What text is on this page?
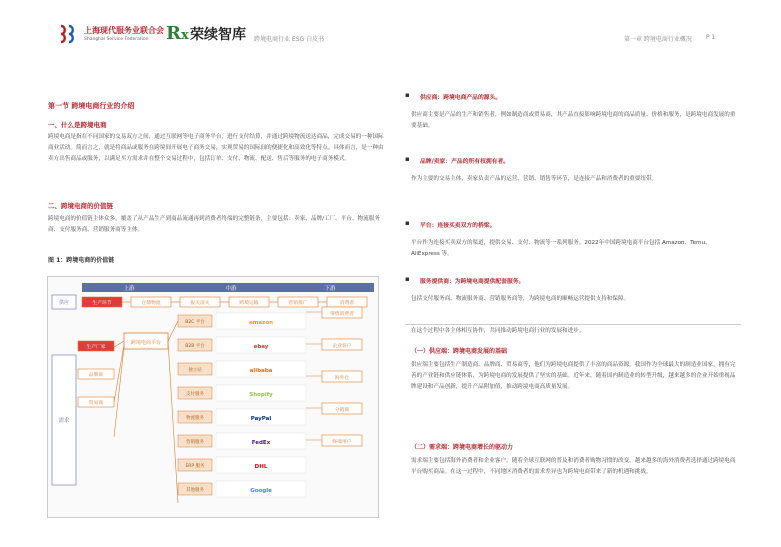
上海现代服务业联合会
Shanghai Service Federation Rx 荣续智库 跨境电商行业 ESG 白皮书	第一章 跨境电商行业概况 P 1
第一节 跨境电商行业的介绍
一、什么是跨境电商
跨境电商是指在不同国家的交易双方之间，通过互联网等电子商务平台，进行支付结算，并通过跨境物流送达商品，完成交易的一种国际商业活动。简而言之，就是将商品或服务在跨境间开展电子商务交易，实现贸易的国际间的便捷化和高效化等特点。具体而言，是一种由卖方出售商品或服务，以满足买方需求并在整个交易过程中，包括订单、支付、物流、配送、售后等服务的电子商务模式。
二、跨境电商的价值链
跨境电商的价值链主体众多，覆盖了从产品生产到商品流通再到消费者终端的完整链条，主要包括：卖家、品牌/工厂、平台、物流服务商、支付服务商、营销服务商等主体。
图 1：跨境电商的价值链
上游	中游	下游
供应
需求
生产环节	仓储物流	报关清关	跨境运输	营销推广	消费者
生产厂家
品牌商
贸易商
跨境电商平台
B2C 平台	amazon
B2B 平台	ebay
独立站	alibaba
支付服务	Shopify
物流服务	PayPal
营销服务	FedEx
ERP 服务	DHL
其他服务	Google
零售消费者
企业客户
海外仓
分销商
终端用户
▪ 供应商：跨境电商产品的源头。
供应商主要是产品的生产和销售者，例如制造商或贸易商，其产品直接影响跨境电商的商品质量、价格和服务，是跨境电商发展的重要基础。
▪ 品牌/卖家：产品的所有权拥有者。
作为主要的交易主体，卖家负责产品的运营、营销、销售等环节，是连接产品和消费者的重要纽带。
▪ 平台：连接买卖双方的桥梁。
平台作为连接买卖双方的渠道，提供交易、支付、物流等一系列服务。2022年中国跨境电商平台包括 Amazon、Temu、AliExpress 等。
▪ 服务提供商：为跨境电商提供配套服务。
包括支付服务商、物流服务商、营销服务商等，为跨境电商的顺畅运营提供支持和保障。
在这个过程中各主体相互协作，共同推动跨境电商行业的发展和进步。
（一）供应端：跨境电商发展的基础
供应端主要包括生产制造商、品牌商、贸易商等，他们为跨境电商提供了丰富的商品资源。我国作为全球最大的制造业国家，拥有完善的产业链和供应链体系，为跨境电商的发展提供了坚实的基础。近年来，随着国内制造业的转型升级，越来越多的企业开始重视品牌建设和产品创新，提升产品附加值，推动跨境电商高质量发展。
（二）需求端：跨境电商增长的驱动力
需求端主要包括海外消费者和企业客户。随着全球互联网的普及和消费者购物习惯的改变，越来越多的海外消费者选择通过跨境电商平台购买商品。在这一过程中，不同地区消费者的需求差异也为跨境电商带来了新的机遇和挑战。
